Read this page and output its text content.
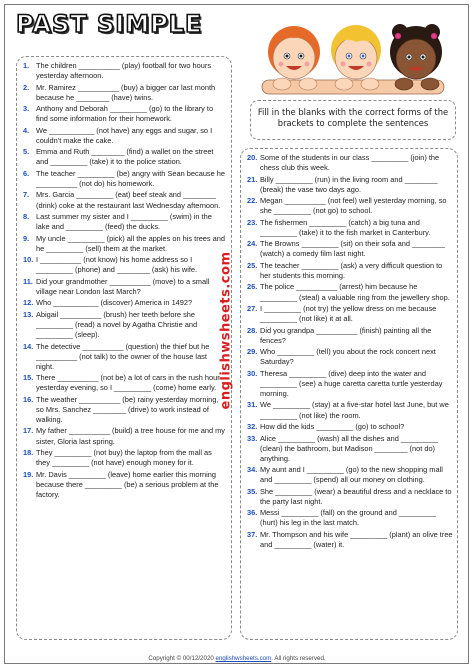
PAST SIMPLE
Fill in the blanks with the correct forms of the brackets to complete the sentences
1. The children __________ (play) football for two hours yesterday afternoon.
2. Mr. Ramirez __________ (buy) a bigger car last month because he ________ (have) twins.
3. Anthony and Deborah _________ (go) to the library to find some information for their homework.
4. We ___________ (not have) any eggs and sugar, so I couldn't make the cake.
5. Emma and Ruth ________ (find) a wallet on the street and _________ (take) it to the police station.
6. The teacher _________ (be) angry with Sean because he __________ (not do) his homework.
7. Mrs. Garcia _________ (eat) beef steak and ________ (drink) coke at the restaurant last Wednesday afternoon.
8. Last summer my sister and I _________ (swim) in the lake and _________ (feed) the ducks.
9. My uncle _________ (pick) all the apples on his trees and he _________ (sell) them at the market.
10. I __________ (not know) his home address so I _________ (phone) and ________ (ask) his wife.
11. Did your grandmother __________ (move) to a small village near London last March?
12. Who ___________ (discover) America in 1492?
13. Abigail __________ (brush) her teeth before she _________ (read) a novel by Agatha Christie and _________ (sleep).
14. The detective __________ (question) the thief but he __________ (not talk) to the owner of the house last night.
15. There __________ (not be) a lot of cars in the rush hour yesterday evening, so I _________ (come) home early.
16. The weather __________ (be) rainy yesterday morning, so Mrs. Sanchez ________ (drive) to work instead of walking.
17. My father __________ (build) a tree house for me and my sister, Gloria last spring.
18. They _________ (not buy) the laptop from the mall as they _________ (not have) enough money for it.
19. Mr. Davis _________ (leave) home earlier this morning because there _________ (be) a serious problem at the factory.
20. Some of the students in our class _________ (join) the chess club this week.
21. Billy _________ (run) in the living room and ________ (break) the vase two days ago.
22. Megan __________ (not feel) well yesterday morning, so she _________ (not go) to school.
23. The fishermen _________ (catch) a big tuna and _________ (take) it to the fish market in Canterbury.
24. The Browns _________ (sit) on their sofa and ________ (watch) a comedy film last night.
25. The teacher _________ (ask) a very difficult question to her students this morning.
26. The police __________ (arrest) him because he _________ (steal) a valuable ring from the jewellery shop.
27. I _________ (not try) the yellow dress on me because _________ (not like) it at all.
28. Did you grandpa __________ (finish) painting all the fences?
29. Who _________ (tell) you about the rock concert next Saturday?
30. Theresa _________ (dive) deep into the water and _________ (see) a huge caretta caretta turtle yesterday morning.
31. We _________ (stay) at a five-star hotel last June, but we _________ (not like) the room.
32. How did the kids _________ (go) to school?
33. Alice _________ (wash) all the dishes and _________ (clean) the bathroom, but Madison ________ (not do) anything.
34. My aunt and I _________ (go) to the new shopping mall and _________ (spend) all our money on clothing.
35. She _________ (wear) a beautiful dress and a necklace to the party last night.
36. Messi _________ (fall) on the ground and _________ (hurt) his leg in the last match.
37. Mr. Thompson and his wife _________ (plant) an olive tree and _________ (water) it.
englishwsheets.com
Copyright © 00/12/2020 englishwsheets.com. All rights reserved.
